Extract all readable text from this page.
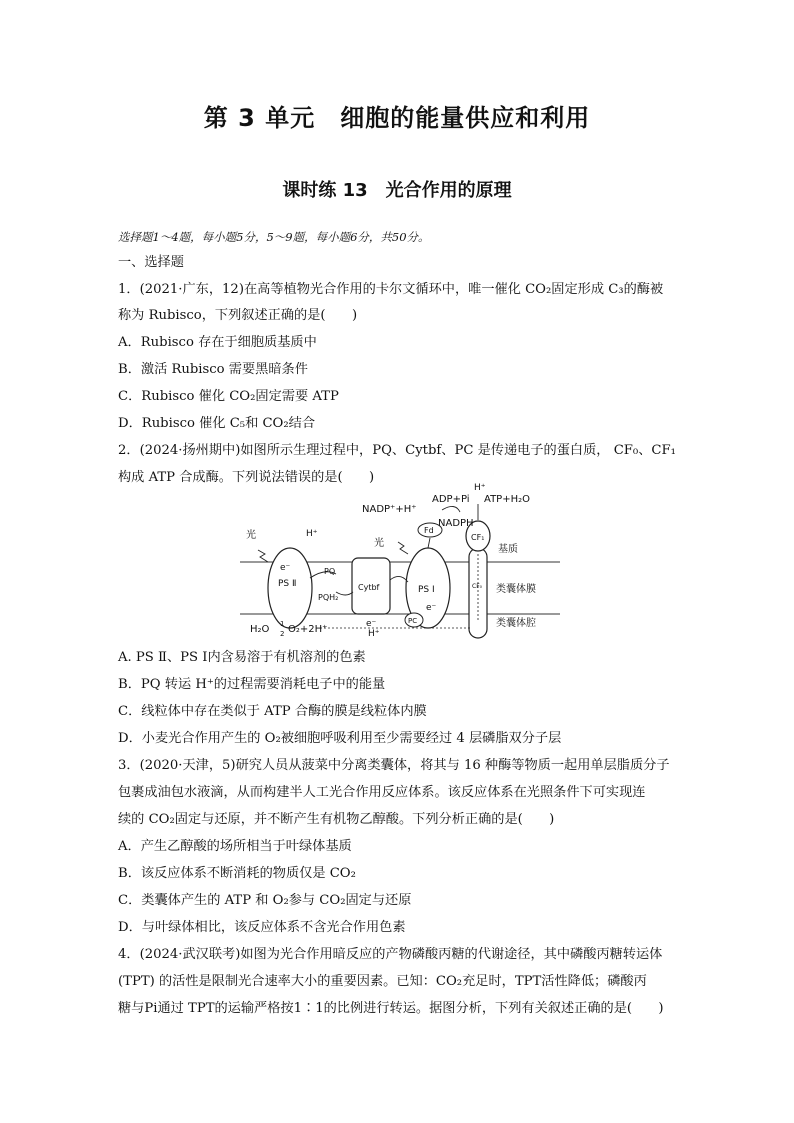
第 3 单元　细胞的能量供应和利用
课时练 13　光合作用的原理
选择题1～4题，每小题5分，5～9题，每小题6分，共50分。
一、选择题
1．(2021·广东，12)在高等植物光合作用的卡尔文循环中，唯一催化 CO₂固定形成 C₃的酶被
称为 Rubisco，下列叙述正确的是(　　)
A．Rubisco 存在于细胞质基质中
B．激活 Rubisco 需要黑暗条件
C．Rubisco 催化 CO₂固定需要 ATP
D．Rubisco 催化 C₅和 CO₂结合
2．(2024·扬州期中)如图所示生理过程中，PQ、Cytbf、PC 是传递电子的蛋白质， CF₀、CF₁
构成 ATP 合成酶。下列说法错误的是(　　)
光	H⁺
e⁻
PS Ⅱ
PQ
PQH₂
Cytbf
e⁻
H⁺
NADP⁺+H⁺
NADPH
Fd
光
PS Ⅰ
e⁻
PC
ADP+Pi ATP+H₂O
H⁺
CF₁
CF₀
基质
类囊体膜
类囊体腔
H₂O 1
2 O₂+2H⁺
A. PS Ⅱ、PS Ⅰ内含易溶于有机溶剂的色素
B．PQ 转运 H⁺的过程需要消耗电子中的能量
C．线粒体中存在类似于 ATP 合酶的膜是线粒体内膜
D．小麦光合作用产生的 O₂被细胞呼吸利用至少需要经过 4 层磷脂双分子层
3．(2020·天津，5)研究人员从菠菜中分离类囊体，将其与 16 种酶等物质一起用单层脂质分子
包裹成油包水液滴，从而构建半人工光合作用反应体系。该反应体系在光照条件下可实现连
续的 CO₂固定与还原，并不断产生有机物乙醇酸。下列分析正确的是(　　)
A．产生乙醇酸的场所相当于叶绿体基质
B．该反应体系不断消耗的物质仅是 CO₂
C．类囊体产生的 ATP 和 O₂参与 CO₂固定与还原
D．与叶绿体相比，该反应体系不含光合作用色素
4．(2024·武汉联考)如图为光合作用暗反应的产物磷酸丙糖的代谢途径，其中磷酸丙糖转运体
(TPT) 的活性是限制光合速率大小的重要因素。已知：CO₂充足时，TPT活性降低；磷酸丙
糖与Pi通过 TPT的运输严格按1∶1的比例进行转运。据图分析，下列有关叙述正确的是(　　)
